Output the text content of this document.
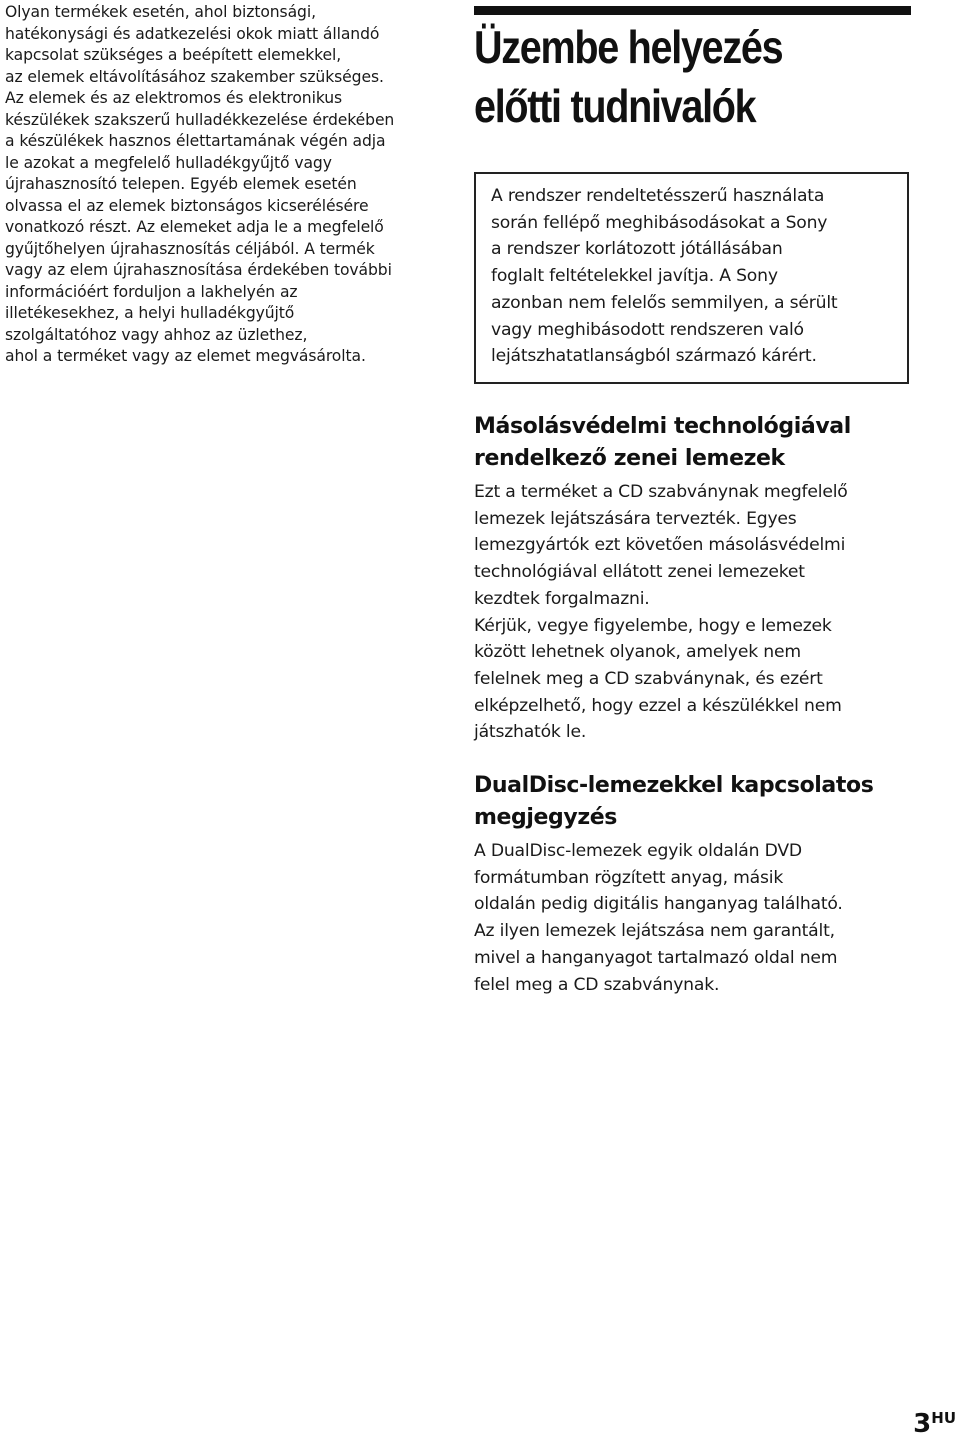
Olyan termékek esetén, ahol biztonsági,
hatékonysági és adatkezelési okok miatt állandó
kapcsolat szükséges a beépített elemekkel,
az elemek eltávolításához szakember szükséges.
Az elemek és az elektromos és elektronikus
készülékek szakszerű hulladékkezelése érdekében
a készülékek hasznos élettartamának végén adja
le azokat a megfelelő hulladékgyűjtő vagy
újrahasznosító telepen. Egyéb elemek esetén
olvassa el az elemek biztonságos kicserélésére
vonatkozó részt. Az elemeket adja le a megfelelő
gyűjtőhelyen újrahasznosítás céljából. A termék
vagy az elem újrahasznosítása érdekében további
információért forduljon a lakhelyén az
illetékesekhez, a helyi hulladékgyűjtő
szolgáltatóhoz vagy ahhoz az üzlethez,
ahol a terméket vagy az elemet megvásárolta.

Üzembe helyezés
előtti tudnivalók
A rendszer rendeltetésszerű használata
során fellépő meghibásodásokat a Sony
a rendszer korlátozott jótállásában
foglalt feltételekkel javítja. A Sony
azonban nem felelős semmilyen, a sérült
vagy meghibásodott rendszeren való
lejátszhatatlanságból származó kárért.
Másolásvédelmi technológiával
rendelkező zenei lemezek

Ezt a terméket a CD szabványnak megfelelő
lemezek lejátszására tervezték. Egyes
lemezgyártók ezt követően másolásvédelmi
technológiával ellátott zenei lemezeket
kezdtek forgalmazni.
Kérjük, vegye figyelembe, hogy e lemezek
között lehetnek olyanok, amelyek nem
felelnek meg a CD szabványnak, és ezért
elképzelhető, hogy ezzel a készülékkel nem
játszhatók le.

DualDisc-lemezekkel kapcsolatos
megjegyzés

A DualDisc-lemezek egyik oldalán DVD
formátumban rögzített anyag, másik
oldalán pedig digitális hanganyag található.
Az ilyen lemezek lejátszása nem garantált,
mivel a hanganyagot tartalmazó oldal nem
felel meg a CD szabványnak.

3HU
